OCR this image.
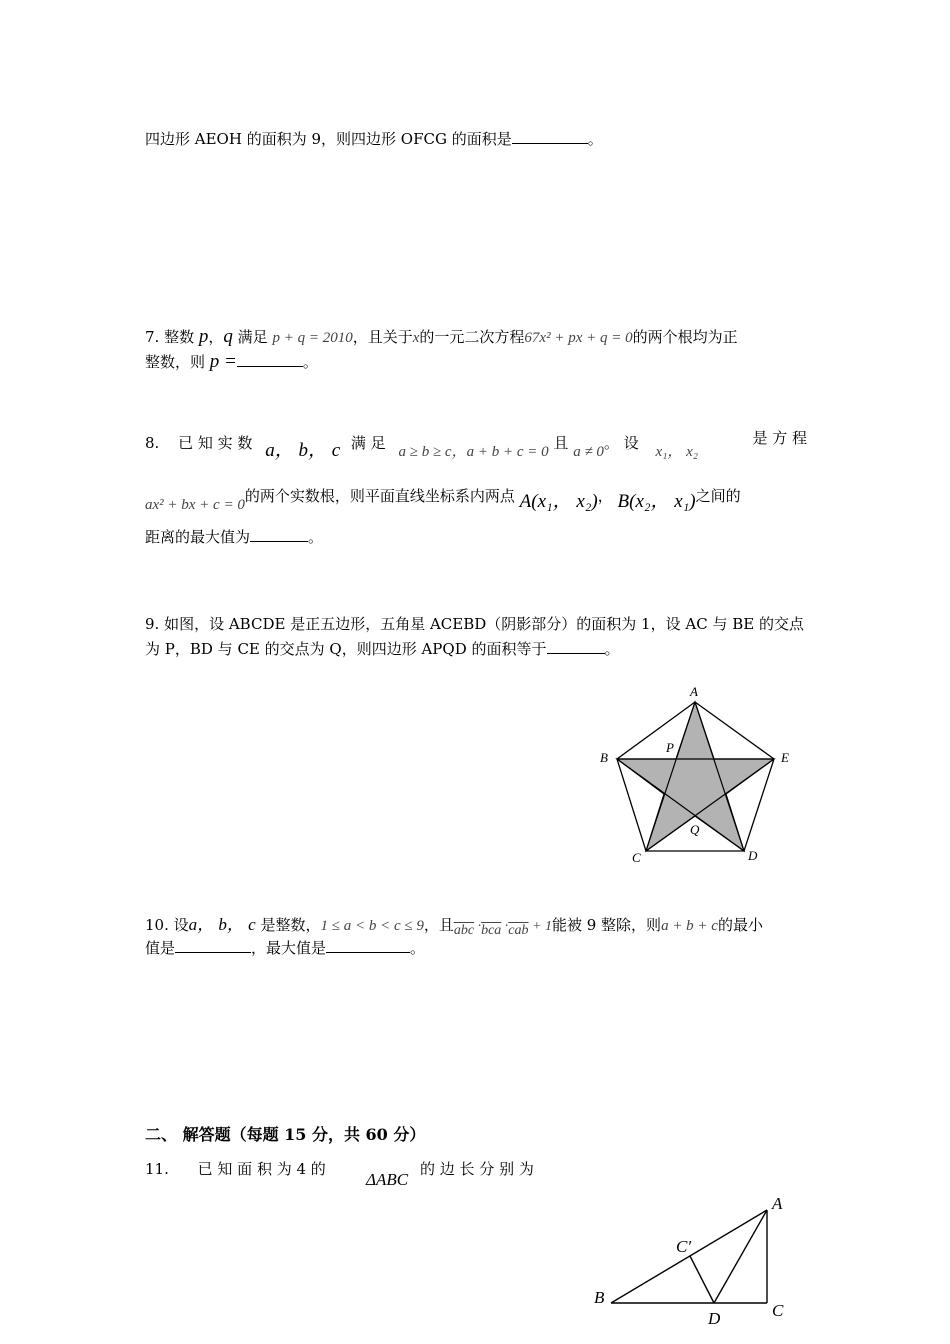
四边形 AEOH 的面积为 9，则四边形 OFCG 的面积是	。
7. 整数 p，q 满足 p + q = 2010，且关于x的一元二次方程67x² + px + q = 0的两个根均为正
整数，则 p =	。
8. 已 知 实 数 a， b， c 满 足 a ≥ b ≥ c，a + b + c = 0 且 a ≠ 0。 设 x₁， x₂
是 方 程
ax² + bx + c = 0的两个实数根，则平面直线坐标系内两点 A(x₁， x₂)， B(x₂， x₁)之间的
距离的最大值为	。
9. 如图，设 ABCDE 是正五边形，五角星 ACEBD（阴影部分）的面积为 1，设 AC 与 BE 的交点
为 P，BD 与 CE 的交点为 Q，则四边形 APQD 的面积等于	。
A
B	E
C	D
P
Q
10. 设a， b， c 是整数，1 ≤ a < b < c ≤ 9，且$\overline{abc} \cdot\overline{bca} \cdot\overline{cab} + 1$能被 9 整除，则a + b + c的最小
值是	，最大值是	。
二、 解答题（每题 15 分，共 60 分）
11. 已 知 面 积 为 4 的
ΔABC
的 边 长 分 别 为
A
B
C
D
C′
